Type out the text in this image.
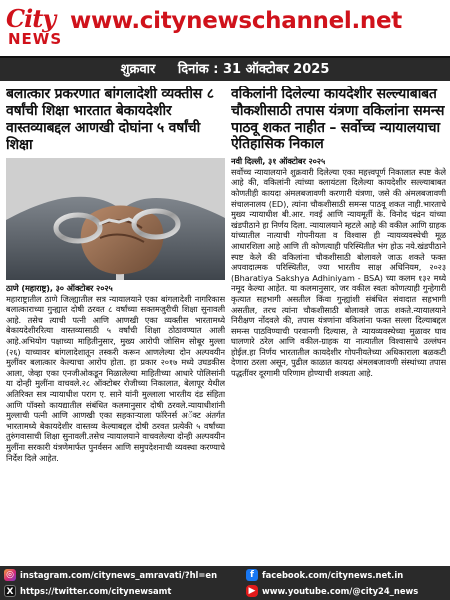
City
NEWS
www.citynewschannel.net
शुक्रवार दिनांक : 31 ऑक्टोबर 2025
बलात्कार प्रकरणात बांगलादेशी व्यक्तीस ८ वर्षांची शिक्षा भारतात बेकायदेशीर वास्तव्याबद्दल आणखी दोघांना ५ वर्षांची शिक्षा

ठाणे (महाराष्ट्र), ३० ऑक्टोबर २०२५
महाराष्ट्रातील ठाणे जिल्ह्यातील सत्र न्यायालयाने एका बांगलादेशी नागरिकास बलात्काराच्या गुन्ह्यात दोषी ठरवत ८ वर्षांच्या सक्तमजुरीची शिक्षा सुनावली आहे. तसेच त्याची पत्नी आणि आणखी एका व्यक्तीस भारतामध्ये बेकायदेशीररित्या वास्तव्यासाठी ५ वर्षांची शिक्षा ठोठावण्यात आली आहे.अभियोग पक्षाच्या माहितीनुसार, मुख्य आरोपी जोसिम सोबूर मुल्ला (२६) याच्यावर बांगलादेशातून तस्करी करून आणलेल्या दोन अल्पवयीन मुलींवर बलात्कार केल्याचा आरोप होता. हा प्रकार २०१७ मध्ये उघडकीस आला, जेव्हा एका एनजीओकडून मिळालेल्या माहितीच्या आधारे पोलिसांनी या दोन्ही मुलींना वाचवले.२८ ऑक्टोबर रोजीच्या निकालात, बेलापूर येथील अतिरिक्त सत्र न्यायाधीश पराग ए. साने यांनी मुल्लाला भारतीय दंड संहिता आणि पॉक्सो कायद्यातील संबंधित कलमानुसार दोषी ठरवले.न्यायाधीशांनी मुल्लाची पत्नी आणि आणखी एका सहकाऱ्याला फॉरेनर्स अॅक्ट अंतर्गत भारतामध्ये बेकायदेशीर वास्तव्य केल्याबद्दल दोषी ठरवत प्रत्येकी ५ वर्षांच्या तुरुंगवासाची शिक्षा सुनावली.तसेच न्यायालयाने वाचवलेल्या दोन्ही अल्पवयीन मुलींना सरकारी यंत्रणेमार्फत पुनर्वसन आणि समुपदेशनाची व्यवस्था करण्याचे निर्देश दिले आहेत.

वकिलांनी दिलेल्या कायदेशीर सल्ल्याबाबत चौकशीसाठी तपास यंत्रणा वकिलांना समन्स पाठवू शकत नाहीत – सर्वोच्च न्यायालयाचा ऐतिहासिक निकाल

नवी दिल्ली, ३१ ऑक्टोबर २०२५
सर्वोच्च न्यायालयाने शुक्रवारी दिलेल्या एका महत्त्वपूर्ण निकालात स्पष्ट केले आहे की, वकिलांनी त्यांच्या क्लायंटला दिलेल्या कायदेशीर सल्ल्याबाबत कोणतीही कायदा अंमलबजावणी करणारी यंत्रणा, जसे की अंमलबजावणी संचालनालय (ED), त्यांना चौकशीसाठी समन्स पाठवू शकत नाही.भारताचे मुख्य न्यायाधीश बी.आर. गवई आणि न्यायमूर्ती के. विनोद चंद्रन यांच्या खंडपीठाने हा निर्णय दिला. न्यायालयाने म्हटले आहे की वकील आणि ग्राहक यांच्यातील नात्याची गोपनीयता व विश्वास ही न्यायव्यवस्थेची मूळ आधारशिला आहे आणि ती कोणत्याही परिस्थितीत भंग होऊ नये.खंडपीठाने स्पष्ट केले की वकिलांना चौकशीसाठी बोलावले जाऊ शकते फक्त अपवादात्मक परिस्थितीत, ज्या भारतीय साक्ष अधिनियम, २०२३ (Bharatiya Sakshya Adhiniyam - BSA) च्या कलम १३२ मध्ये नमूद केल्या आहेत. या कलमानुसार, जर वकील स्वतः कोणत्याही गुन्हेगारी कृत्यात सहभागी असतील किंवा गुन्ह्यांशी संबंधित संवादात सहभागी असतील, तरच त्यांना चौकशीसाठी बोलावले जाऊ शकते.न्यायालयाने निरीक्षण नोंदवले की, तपास यंत्रणांना वकिलांना फक्त सल्ला दिल्याबद्दल समन्स पाठविण्याची परवानगी दिल्यास, ते न्यायव्यवस्थेच्या मुळावर घाव घालणारे ठरेल आणि वकील-ग्राहक या नात्यातील विश्वासाचे उल्लंघन होईल.हा निर्णय भारतातील कायदेशीर गोपनीयतेच्या अधिकाराला बळकटी देणारा ठरला असून, पुढील काळात कायदा अंमलबजावणी संस्थांच्या तपास पद्धतींवर दूरगामी परिणाम होण्याची शक्यता आहे.

◎ instagram.com/citynews_amravati/?hl=en	f facebook.com/citynews.net.in
X https://twitter.com/citynewsamt	▶ www.youtube.com/@city24_news
